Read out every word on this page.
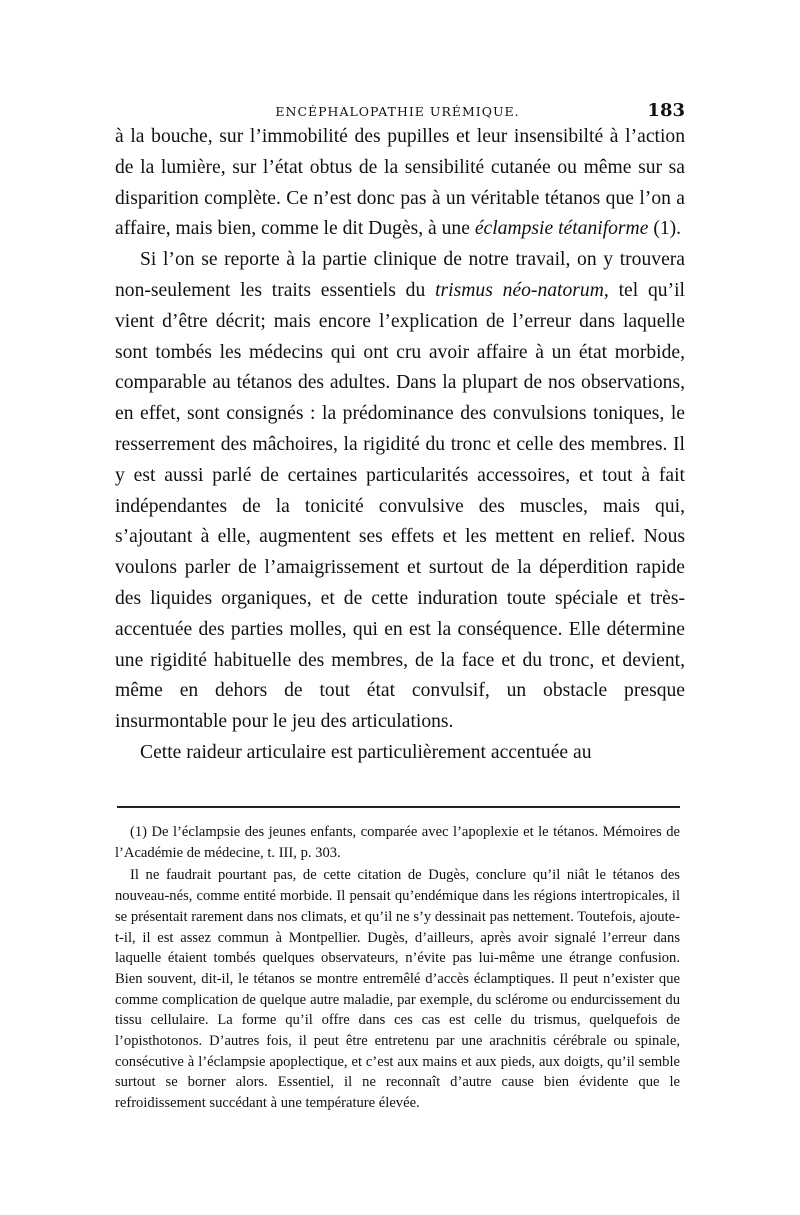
ENCÉPHALOPATHIE URÉMIQUE.	183

à la bouche, sur l’immobilité des pupilles et leur insensibilté à l’action de la lumière, sur l’état obtus de la sensibilité cutanée ou même sur sa disparition complète. Ce n’est donc pas à un véritable tétanos que l’on a affaire, mais bien, comme le dit Dugès, à une éclampsie tétaniforme (1).

Si l’on se reporte à la partie clinique de notre travail, on y trouvera non-seulement les traits essentiels du trismus néo-natorum, tel qu’il vient d’être décrit; mais encore l’explication de l’erreur dans laquelle sont tombés les médecins qui ont cru avoir affaire à un état morbide, comparable au tétanos des adultes. Dans la plupart de nos observations, en effet, sont consignés : la prédominance des convulsions toniques, le resserrement des mâchoires, la rigidité du tronc et celle des membres. Il y est aussi parlé de certaines particularités accessoires, et tout à fait indépendantes de la tonicité convulsive des muscles, mais qui, s’ajoutant à elle, augmentent ses effets et les mettent en relief. Nous voulons parler de l’amaigrissement et surtout de la déperdition rapide des liquides organiques, et de cette induration toute spéciale et très-accentuée des parties molles, qui en est la conséquence. Elle détermine une rigidité habituelle des membres, de la face et du tronc, et devient, même en dehors de tout état convulsif, un obstacle presque insurmontable pour le jeu des articulations.

Cette raideur articulaire est particulièrement accentuée au

(1) De l’éclampsie des jeunes enfants, comparée avec l’apoplexie et le tétanos. Mémoires de l’Académie de médecine, t. III, p. 303.

Il ne faudrait pourtant pas, de cette citation de Dugès, conclure qu’il niât le tétanos des nouveau-nés, comme entité morbide. Il pensait qu’endémique dans les régions intertropicales, il se présentait rarement dans nos climats, et qu’il ne s’y dessinait pas nettement. Toutefois, ajoute-t-il, il est assez commun à Montpellier. Dugès, d’ailleurs, après avoir signalé l’erreur dans laquelle étaient tombés quelques observateurs, n’évite pas lui-même une étrange confusion. Bien souvent, dit-il, le tétanos se montre entremêlé d’accès éclamptiques. Il peut n’exister que comme complication de quelque autre maladie, par exemple, du sclérome ou endurcissement du tissu cellulaire. La forme qu’il offre dans ces cas est celle du trismus, quelquefois de l’opisthotonos. D’autres fois, il peut être entretenu par une arachnitis cérébrale ou spinale, consécutive à l’éclampsie apoplectique, et c’est aux mains et aux pieds, aux doigts, qu’il semble surtout se borner alors. Essentiel, il ne reconnaît d’autre cause bien évidente que le refroidissement succédant à une température élevée.
